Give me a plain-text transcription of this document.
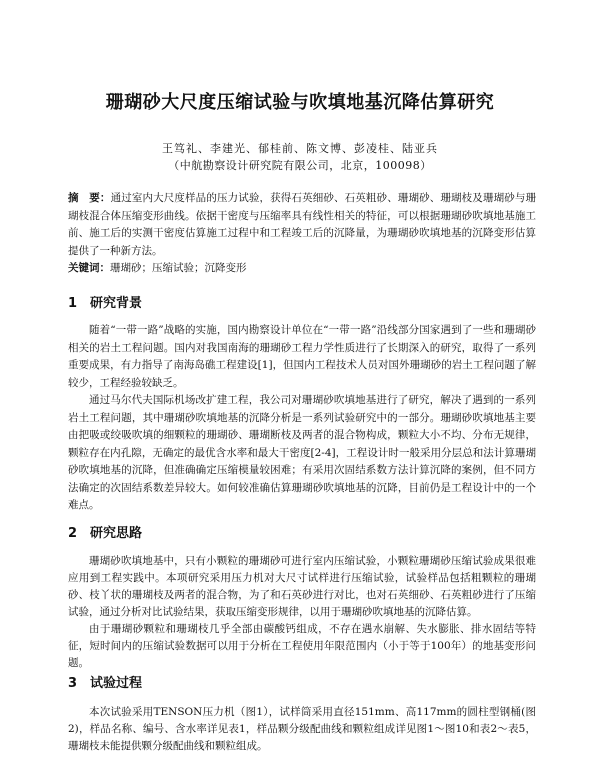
珊瑚砂大尺度压缩试验与吹填地基沉降估算研究
王笃礼、李建光、郁桂前、陈文博、彭凌桂、陆亚兵
（中航勘察设计研究院有限公司，北京，100098）

摘　要：通过室内大尺度样品的压力试验，获得石英细砂、石英粗砂、珊瑚砂、珊瑚枝及珊瑚砂与珊瑚枝混合体压缩变形曲线。依据干密度与压缩率具有线性相关的特征，可以根据珊瑚砂吹填地基施工前、施工后的实测干密度估算施工过程中和工程竣工后的沉降量，为珊瑚砂吹填地基的沉降变形估算提供了一种新方法。

关键词：珊瑚砂；压缩试验；沉降变形

1 研究背景

随着“一带一路”战略的实施，国内勘察设计单位在“一带一路”沿线部分国家遇到了一些和珊瑚砂相关的岩土工程问题。国内对我国南海的珊瑚砂工程力学性质进行了长期深入的研究，取得了一系列重要成果，有力指导了南海岛礁工程建设[1]，但国内工程技术人员对国外珊瑚砂的岩土工程问题了解较少，工程经验较缺乏。

通过马尔代夫国际机场改扩建工程，我公司对珊瑚砂吹填地基进行了研究，解决了遇到的一系列岩土工程问题，其中珊瑚砂吹填地基的沉降分析是一系列试验研究中的一部分。珊瑚砂吹填地基主要由把吸或绞吸吹填的细颗粒的珊瑚砂、珊瑚断枝及两者的混合物构成，颗粒大小不均、分布无规律，颗粒存在内孔隙，无确定的最优含水率和最大干密度[2-4]，工程设计时一般采用分层总和法计算珊瑚砂吹填地基的沉降，但准确确定压缩模量较困难；有采用次固结系数方法计算沉降的案例，但不同方法确定的次固结系数差异较大。如何较准确估算珊瑚砂吹填地基的沉降，目前仍是工程设计中的一个难点。

2 研究思路

珊瑚砂吹填地基中，只有小颗粒的珊瑚砂可进行室内压缩试验，小颗粒珊瑚砂压缩试验成果很难应用到工程实践中。本项研究采用压力机对大尺寸试样进行压缩试验，试验样品包括粗颗粒的珊瑚砂、枝丫状的珊瑚枝及两者的混合物，为了和石英砂进行对比，也对石英细砂、石英粗砂进行了压缩试验，通过分析对比试验结果，获取压缩变形规律，以用于珊瑚砂吹填地基的沉降估算。

由于珊瑚砂颗粒和珊瑚枝几乎全部由碳酸钙组成，不存在遇水崩解、失水膨胀、排水固结等特征，短时间内的压缩试验数据可以用于分析在工程使用年限范围内（小于等于100年）的地基变形问题。

3 试验过程

本次试验采用TENSON压力机（图1），试样筒采用直径151mm、高117mm的圆柱型钢桶(图2)，样品名称、编号、含水率详见表1，样品颗分级配曲线和颗粒组成详见图1～图10和表2～表5，珊瑚枝未能提供颗分级配曲线和颗粒组成。
